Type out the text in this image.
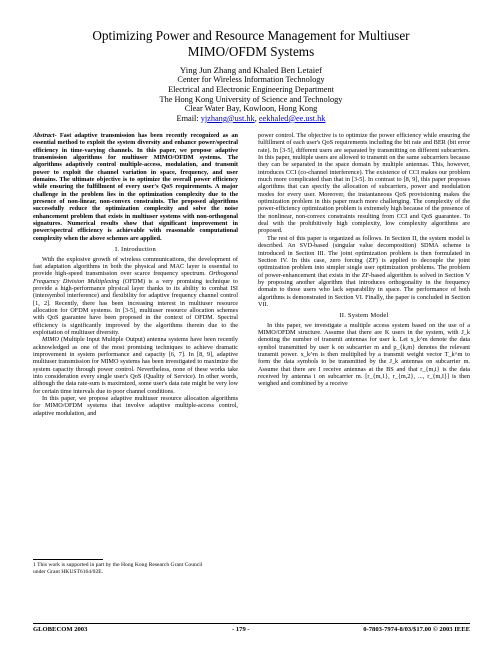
Optimizing Power and Resource Management for Multiuser
MIMO/OFDM Systems
Ying Jun Zhang and Khaled Ben Letaief
Center for Wireless Information Technology
Electrical and Electronic Engineering Department
The Hong Kong University of Science and Technology
Clear Water Bay, Kowloon, Hong Kong
Email: yjzhang@ust.hk, eekhaled@ee.ust.hk

Abstract- Fast adaptive transmission has been recently recognized as an essential method to exploit the system diversity and enhance power/spectral efficiency in time-varying channels. In this paper, we propose adaptive transmission algorithms for multiuser MIMO/OFDM systems. The algorithms adaptively control multiple-access, modulation, and transmit power to exploit the channel variation in space, frequency, and user domains. The ultimate objective is to optimize the overall power efficiency while ensuring the fulfillment of every user's QoS requirements. A major challenge in the problem lies in the optimization complexity due to the presence of non-linear, non-convex constraints. The proposed algorithms successfully reduce the optimization complexity and solve the noise enhancement problem that exists in multiuser systems with non-orthogonal signatures. Numerical results show that significant improvement in power/spectral efficiency is achievable with reasonable computational complexity when the above schemes are applied.

I. Introduction

With the explosive growth of wireless communications, the development of fast adaptation algorithms in both the physical and MAC layer is essential to provide high-speed transmission over scarce frequency spectrum. Orthogonal Frequency Division Multiplexing (OFDM) is a very promising technique to provide a high-performance physical layer thanks to its ability to combat ISI (intersymbol interference) and flexibility for adaptive frequency channel control [1, 2]. Recently, there has been increasing interest in multiuser resource allocation for OFDM systems. In [3-5], multiuser resource allocation schemes with QoS guarantee have been proposed in the context of OFDM. Spectral efficiency is significantly improved by the algorithms therein due to the exploitation of multiuser diversity.

MIMO (Multiple Input Multiple Output) antenna systems have been recently acknowledged as one of the most promising techniques to achieve dramatic improvement in system performance and capacity [6, 7]. In [8, 9], adaptive multiuser transmission for MIMO systems has been investigated to maximize the system capacity through power control. Nevertheless, none of these works take into consideration every single user's QoS (Quality of Service). In other words, although the data rate-sum is maximized, some user's data rate might be very low for certain time intervals due to poor channel conditions.

In this paper, we propose adaptive multiuser resource allocation algorithms for MIMO/OFDM systems that involve adaptive multiple-access control, adaptive modulation, and

1 This work is supported in part by the Hong Kong Research Grant Council
under Grant HKUST6164/02E.

power control. The objective is to optimize the power efficiency while ensuring the fulfillment of each user's QoS requirements including the bit rate and BER (bit error rate). In [3-5], different users are separated by transmitting on different subcarriers. In this paper, multiple users are allowed to transmit on the same subcarriers because they can be separated in the space domain by multiple antennas. This, however, introduces CCI (co-channel interference). The existence of CCI makes our problem much more complicated than that in [3-5]. In contrast to [8, 9], this paper proposes algorithms that can specify the allocation of subcarriers, power and modulation modes for every user. Moreover, the instantaneous QoS provisioning makes the optimization problem in this paper much more challenging. The complexity of the power-efficiency optimization problem is extremely high because of the presence of the nonlinear, non-convex constraints resulting from CCI and QoS guarantee. To deal with the prohibitively high complexity, low complexity algorithms are proposed.

The rest of this paper is organized as follows. In Section II, the system model is described. An SVD-based (singular value decomposition) SDMA scheme is introduced in Section III. The joint optimization problem is then formulated in Section IV. In this case, zero forcing (ZF) is applied to decouple the joint optimization problem into simpler single user optimization problems. The problem of power-enhancement that exists in the ZF-based algorithm is solved in Section V by proposing another algorithm that introduces orthogonality in the frequency domain to those users who lack separability in space. The performance of both algorithms is demonstrated in Section VI. Finally, the paper is concluded in Section VII.

II. System Model

In this paper, we investigate a multiple access system based on the use of a MIMO/OFDM structure. Assume that there are K users in the system, with J_k denoting the number of transmit antennas for user k. Let x_k^m denote the data symbol transmitted by user k on subcarrier m and p_{k,m} denotes the relevant transmit power. x_k^m is then multiplied by a transmit weight vector T_k^m to form the data symbols to be transmitted by the J_k antennas on subcarrier m. Assume that there are I receive antennas at the BS and that r_{m,i} is the data received by antenna i on subcarrier m. [r_{m,1}, r_{m,2}, ..., r_{m,I}] is then weighed and combined by a receive

GLOBECOM 2003	- 179 -	0-7803-7974-8/03/$17.00 © 2003 IEEE
